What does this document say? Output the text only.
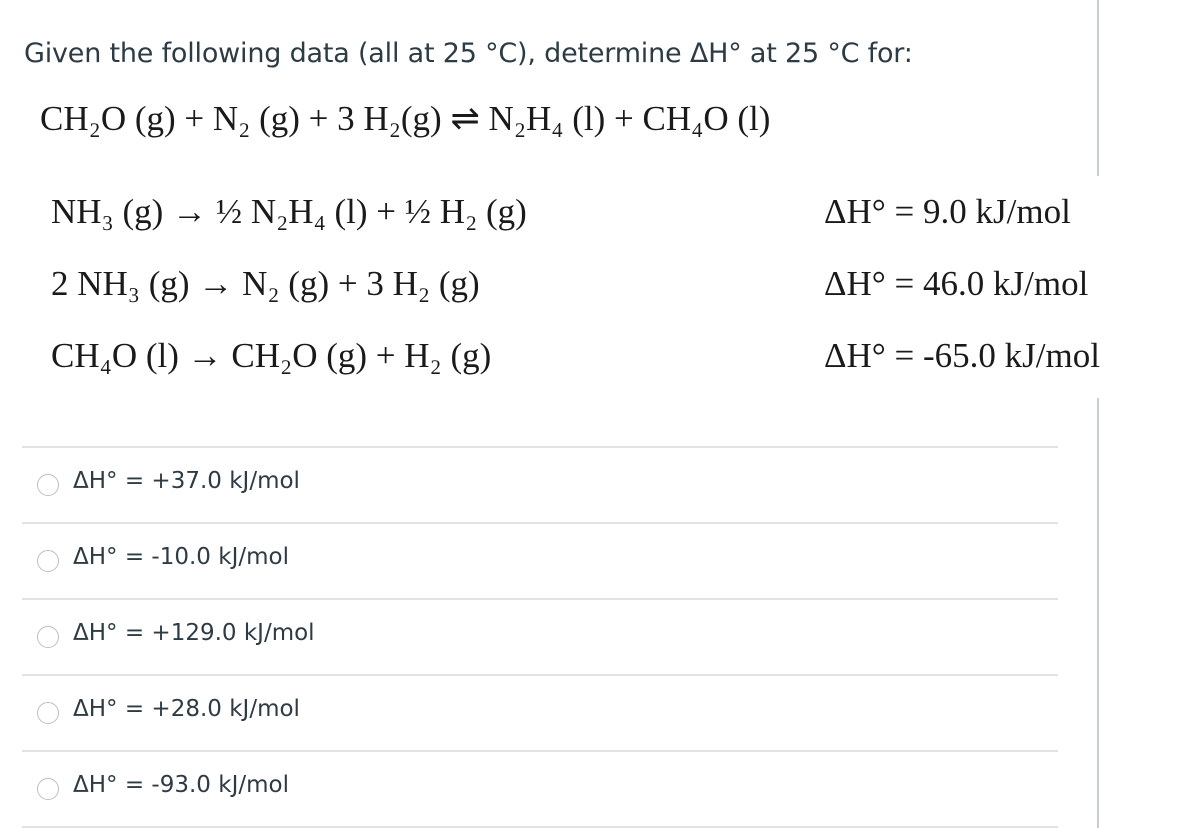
Given the following data (all at 25 °C), determine ΔH° at 25 °C for:
CH₂O (g) + N₂ (g) + 3 H₂(g) ⇌ N₂H₄ (l) + CH₄O (l)
NH₃ (g) → ½ N₂H₄ (l) + ½ H₂ (g)	ΔH° = 9.0 kJ/mol
2 NH₃ (g) → N₂ (g) + 3 H₂ (g)	ΔH° = 46.0 kJ/mol
CH₄O (l) → CH₂O (g) + H₂ (g)	ΔH° = -65.0 kJ/mol
ΔH° = +37.0 kJ/mol
ΔH° = -10.0 kJ/mol
ΔH° = +129.0 kJ/mol
ΔH° = +28.0 kJ/mol
ΔH° = -93.0 kJ/mol
